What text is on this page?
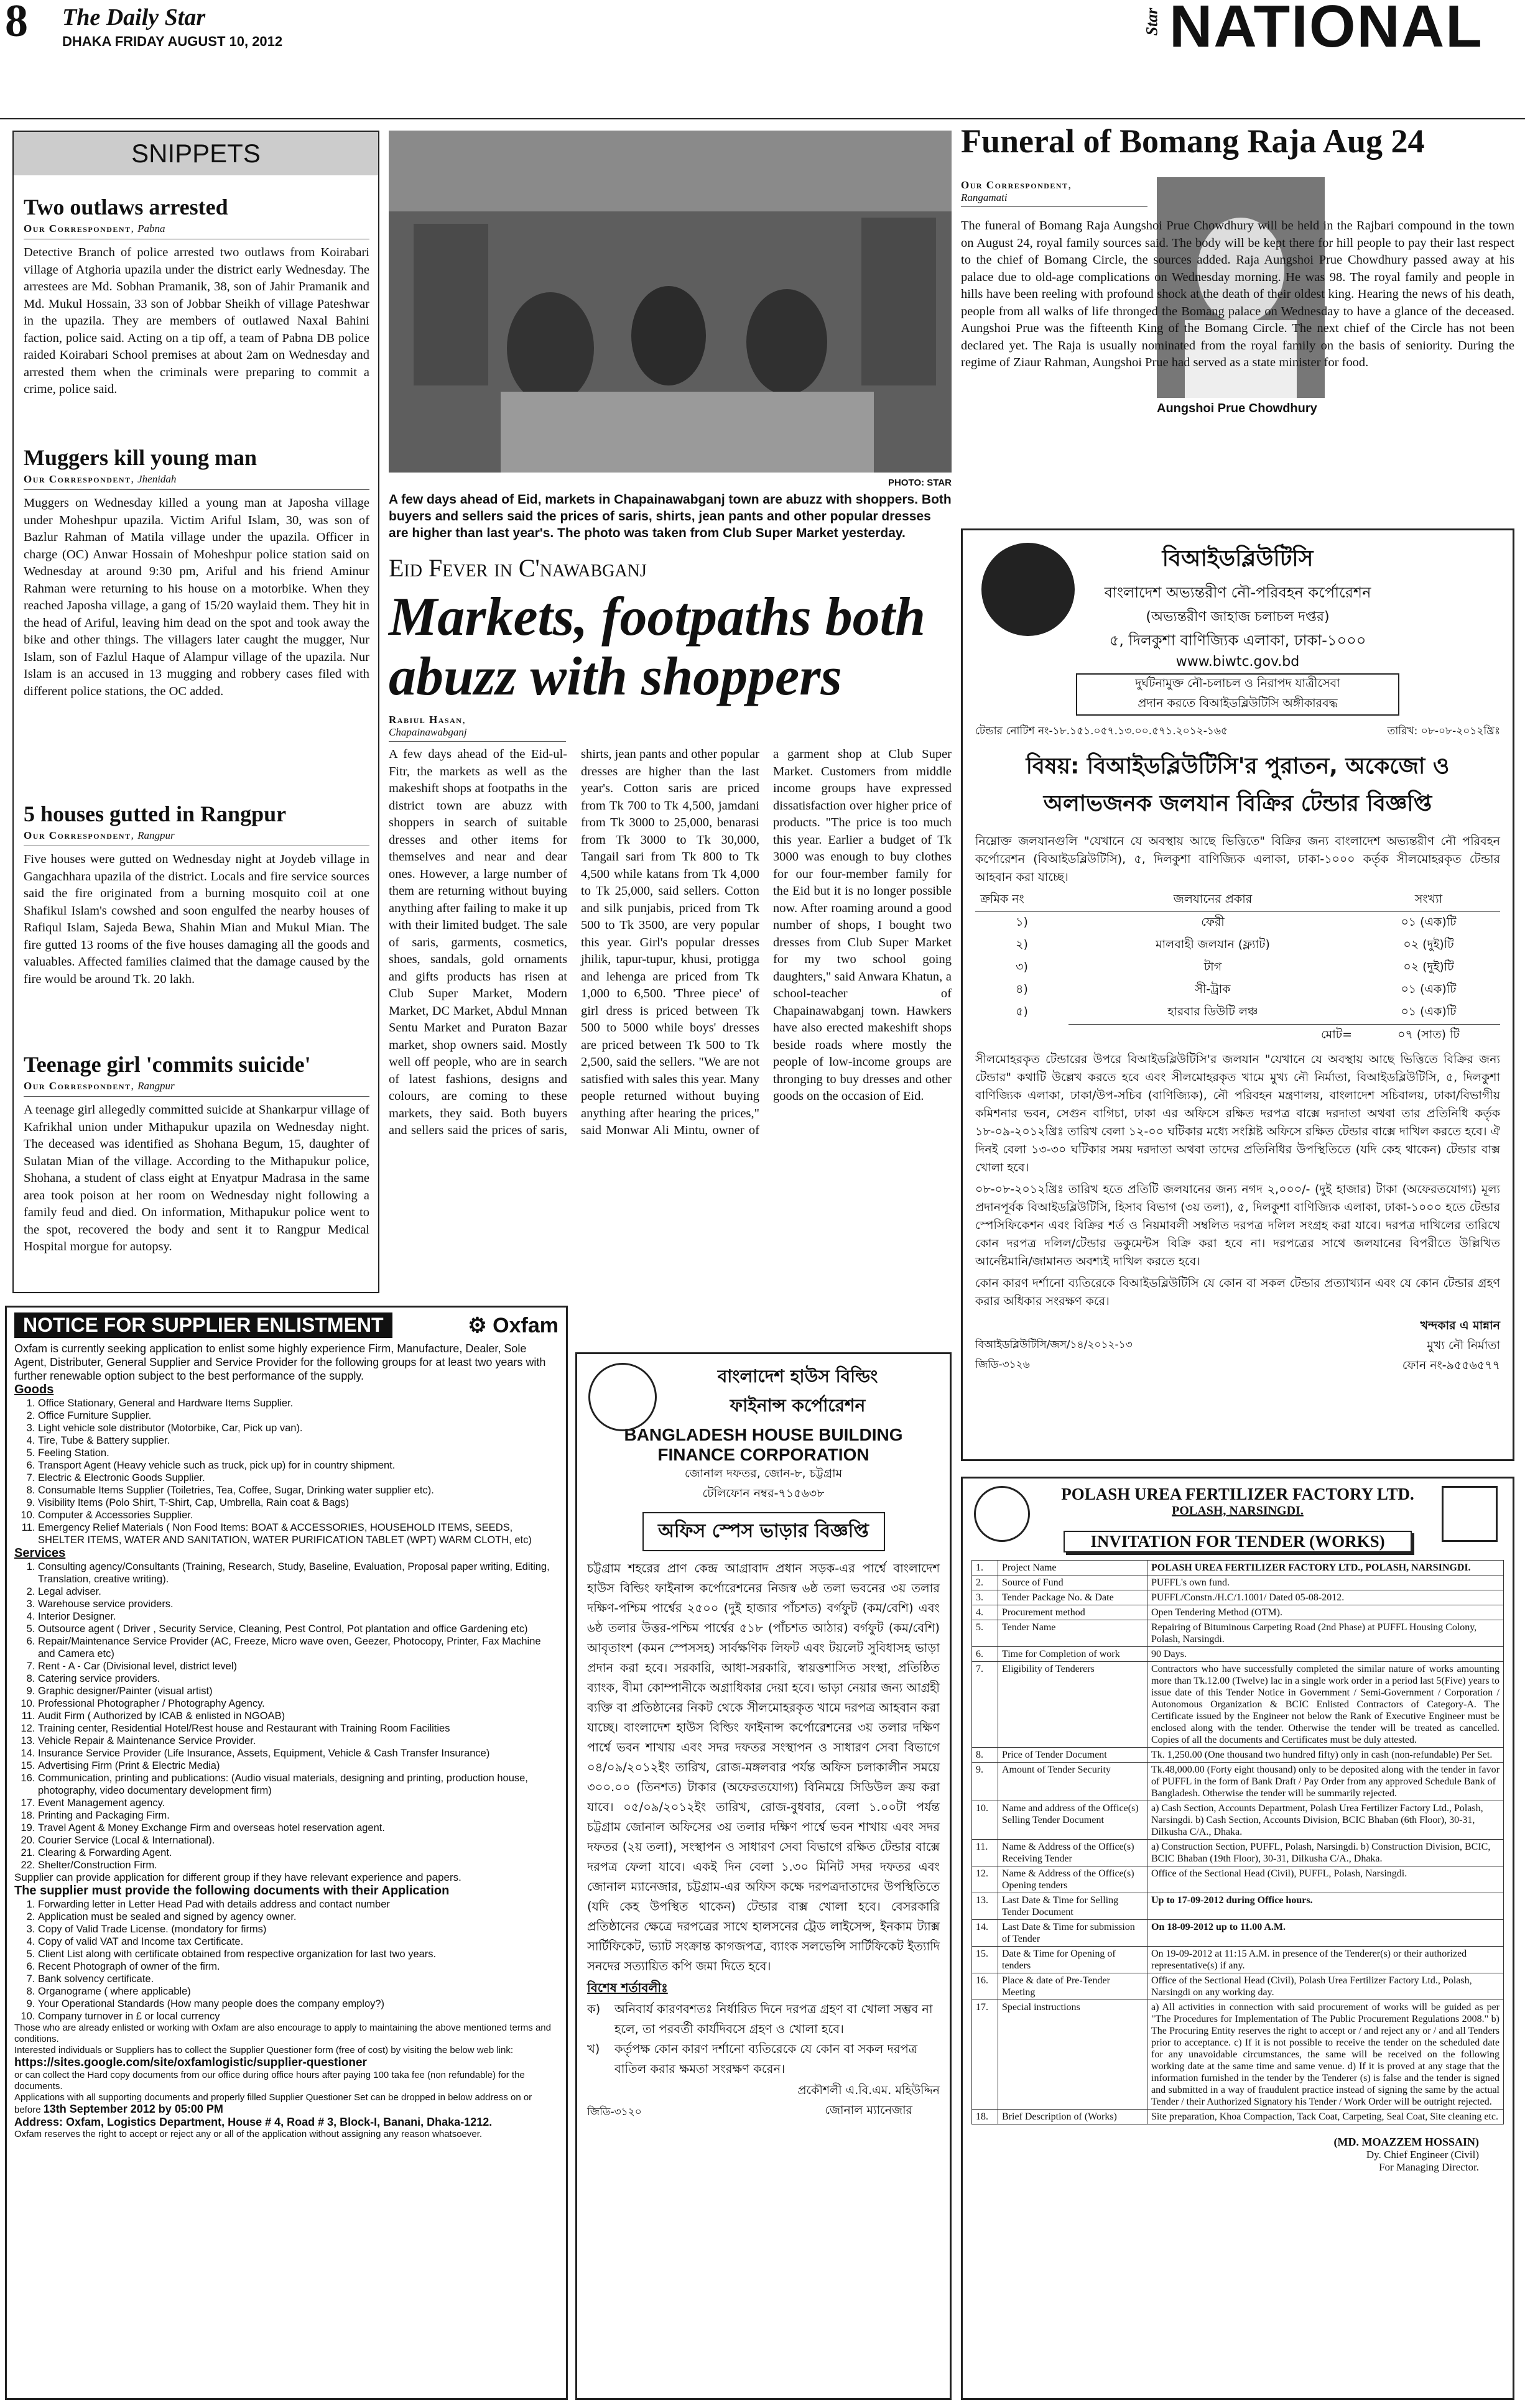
8 The Daily Star
DHAKA FRIDAY AUGUST 10, 2012
Star NATIONAL
SNIPPETS
Two outlaws arrested
Our Correspondent, Pabna
Detective Branch of police arrested two outlaws from Koirabari village of Atghoria upazila under the district early Wednesday. The arrestees are Md. Sobhan Pramanik, 38, son of Jahir Pramanik and Md. Mukul Hossain, 33 son of Jobbar Sheikh of village Pateshwar in the upazila. They are members of outlawed Naxal Bahini faction, police said. Acting on a tip off, a team of Pabna DB police raided Koirabari School premises at about 2am on Wednesday and arrested them when the criminals were preparing to commit a crime, police said.
Muggers kill young man
Our Correspondent, Jhenidah
Muggers on Wednesday killed a young man at Japosha village under Moheshpur upazila. Victim Ariful Islam, 30, was son of Bazlur Rahman of Matila village under the upazila. Officer in charge (OC) Anwar Hossain of Moheshpur police station said on Wednesday at around 9:30 pm, Ariful and his friend Aminur Rahman were returning to his house on a motorbike. When they reached Japosha village, a gang of 15/20 waylaid them. They hit in the head of Ariful, leaving him dead on the spot and took away the bike and other things. The villagers later caught the mugger, Nur Islam, son of Fazlul Haque of Alampur village of the upazila. Nur Islam is an accused in 13 mugging and robbery cases filed with different police stations, the OC added.
5 houses gutted in Rangpur
Our Correspondent, Rangpur
Five houses were gutted on Wednesday night at Joydeb village in Gangachhara upazila of the district. Locals and fire service sources said the fire originated from a burning mosquito coil at one Shafikul Islam's cowshed and soon engulfed the nearby houses of Rafiqul Islam, Sajeda Bewa, Shahin Mian and Mukul Mian. The fire gutted 13 rooms of the five houses damaging all the goods and valuables. Affected families claimed that the damage caused by the fire would be around Tk. 20 lakh.
Teenage girl 'commits suicide'
Our Correspondent, Rangpur
A teenage girl allegedly committed suicide at Shankarpur village of Kafrikhal union under Mithapukur upazila on Wednesday night. The deceased was identified as Shohana Begum, 15, daughter of Sulatan Mian of the village. According to the Mithapukur police, Shohana, a student of class eight at Enyatpur Madrasa in the same area took poison at her room on Wednesday night following a family feud and died. On information, Mithapukur police went to the spot, recovered the body and sent it to Rangpur Medical Hospital morgue for autopsy.
PHOTO: STAR
A few days ahead of Eid, markets in Chapainawabganj town are abuzz with shoppers. Both buyers and sellers said the prices of saris, shirts, jean pants and other popular dresses are higher than last year's. The photo was taken from Club Super Market yesterday.
Eid Fever in C'nawabganj
Markets, footpaths both abuzz with shoppers
Rabiul Hasan,
Chapainawabganj
A few days ahead of the Eid-ul-Fitr, the markets as well as the makeshift shops at footpaths in the district town are abuzz with shoppers in search of suitable dresses and other items for themselves and near and dear ones. However, a large number of them are returning without buying anything after failing to make it up with their limited budget. The sale of saris, garments, cosmetics, shoes, sandals, gold ornaments and gifts products has risen at Club Super Market, Modern Market, DC Market, Abdul Mnnan Sentu Market and Puraton Bazar market, shop owners said. Mostly well off people, who are in search of latest fashions, designs and colours, are coming to these markets, they said. Both buyers and sellers said the prices of saris, shirts, jean pants and other popular dresses are higher than the last year's. Cotton saris are priced from Tk 700 to Tk 4,500, jamdani from Tk 3000 to 25,000, benarasi from Tk 3000 to Tk 30,000, Tangail sari from Tk 800 to Tk 4,500 while katans from Tk 4,000 to Tk 25,000, said sellers. Cotton and silk punjabis, priced from Tk 500 to Tk 3500, are very popular this year. Girl's popular dresses jhilik, tapur-tupur, khusi, protigga and lehenga are priced from Tk 1,000 to 6,500. 'Three piece' of girl dress is priced between Tk 500 to 5000 while boys' dresses are priced between Tk 500 to Tk 2,500, said the sellers. "We are not satisfied with sales this year. Many people returned without buying anything after hearing the prices," said Monwar Ali Mintu, owner of a garment shop at Club Super Market. Customers from middle income groups have expressed dissatisfaction over higher price of products. "The price is too much this year. Earlier a budget of Tk 3000 was enough to buy clothes for our four-member family for the Eid but it is no longer possible now. After roaming around a good number of shops, I bought two dresses from Club Super Market for my two school going daughters," said Anwara Khatun, a school-teacher of Chapainawabganj town. Hawkers have also erected makeshift shops beside roads where mostly the people of low-income groups are thronging to buy dresses and other goods on the occasion of Eid.
Funeral of Bomang Raja Aug 24
Our Correspondent,
Rangamati
Aungshoi Prue Chowdhury
The funeral of Bomang Raja Aungshoi Prue Chowdhury will be held in the Rajbari compound in the town on August 24, royal family sources said. The body will be kept there for hill people to pay their last respect to the chief of Bomang Circle, the sources added. Raja Aungshoi Prue Chowdhury passed away at his palace due to old-age complications on Wednesday morning. He was 98. The royal family and people in hills have been reeling with profound shock at the death of their oldest king. Hearing the news of his death, people from all walks of life thronged the Bomang palace on Wednesday to have a glance of the deceased. Aungshoi Prue was the fifteenth King of the Bomang Circle. The next chief of the Circle has not been declared yet. The Raja is usually nominated from the royal family on the basis of seniority. During the regime of Ziaur Rahman, Aungshoi Prue had served as a state minister for food.
বিআইডব্লিউটিসি
বাংলাদেশ অভ্যন্তরীণ নৌ-পরিবহন কর্পোরেশন
(অভ্যন্তরীণ জাহাজ চলাচল দপ্তর)
৫, দিলকুশা বাণিজ্যিক এলাকা, ঢাকা-১০০০
www.biwtc.gov.bd
দুর্ঘটনামুক্ত নৌ-চলাচল ও নিরাপদ যাত্রীসেবা
প্রদান করতে বিআইডব্লিউটিসি অঙ্গীকারবদ্ধ
টেন্ডার নোটিশ নং-১৮.১৫১.০৫৭.১৩.০০.৫৭১.২০১২-১৬৫	তারিখ: ০৮-০৮-২০১২খ্রিঃ
বিষয়: বিআইডব্লিউটিসি'র পুরাতন, অকেজো ও
অলাভজনক জলযান বিক্রির টেন্ডার বিজ্ঞপ্তি
নিম্নোক্ত জলযানগুলি "যেখানে যে অবস্থায় আছে ভিত্তিতে" বিক্রির জন্য বাংলাদেশ অভ্যন্তরীণ নৌ পরিবহন কর্পোরেশন (বিআইডব্লিউটিসি), ৫, দিলকুশা বাণিজ্যিক এলাকা, ঢাকা-১০০০ কর্তৃক সীলমোহরকৃত টেন্ডার আহবান করা যাচ্ছে।
ক্রমিক নং	জলযানের প্রকার	সংখ্যা
১)	ফেরী	০১ (এক)টি
২)	মালবাহী জলযান (ফ্ল্যাট)	০২ (দুই)টি
৩)	টাগ	০২ (দুই)টি
৪)	সী-ট্রাক	০১ (এক)টি
৫)	হারবার ডিউটি লঞ্চ	০১ (এক)টি
	মোট=	০৭ (সাত) টি
সীলমোহরকৃত টেন্ডারের উপরে বিআইডব্লিউটিসি'র জলযান "যেখানে যে অবস্থায় আছে ভিত্তিতে বিক্রির জন্য টেন্ডার" কথাটি উল্লেখ করতে হবে এবং সীলমোহরকৃত খামে মুখ্য নৌ নির্মাতা, বিআইডব্লিউটিসি, ৫, দিলকুশা বাণিজ্যিক এলাকা, ঢাকা/উপ-সচিব (বাণিজ্যিক), নৌ পরিবহন মন্ত্রণালয়, বাংলাদেশ সচিবালয়, ঢাকা/বিভাগীয় কমিশনার ভবন, সেগুন বাগিচা, ঢাকা এর অফিসে রক্ষিত দরপত্র বাক্সে দরদাতা অথবা তার প্রতিনিধি কর্তৃক ১৮-০৯-২০১২খ্রিঃ তারিখ বেলা ১২-০০ ঘটিকার মধ্যে সংশ্লিষ্ট অফিসে রক্ষিত টেন্ডার বাক্সে দাখিল করতে হবে। ঐ দিনই বেলা ১৩-৩০ ঘটিকার সময় দরদাতা অথবা তাদের প্রতিনিধির উপস্থিতিতে (যদি কেহ থাকেন) টেন্ডার বাক্স খোলা হবে।
০৮-০৮-২০১২খ্রিঃ তারিখ হতে প্রতিটি জলযানের জন্য নগদ ২,০০০/- (দুই হাজার) টাকা (অফেরতযোগ্য) মূল্য প্রদানপূর্বক বিআইডব্লিউটিসি, হিসাব বিভাগ (৩য় তলা), ৫, দিলকুশা বাণিজ্যিক এলাকা, ঢাকা-১০০০ হতে টেন্ডার স্পেসিফিকেশন এবং বিক্রির শর্ত ও নিয়মাবলী সম্বলিত দরপত্র দলিল সংগ্রহ করা যাবে। দরপত্র দাখিলের তারিখে কোন দরপত্র দলিল/টেন্ডার ডকুমেন্টস বিক্রি করা হবে না। দরপত্রের সাথে জলযানের বিপরীতে উল্লিখিত আর্নেষ্টমানি/জামানত অবশ্যই দাখিল করতে হবে।
কোন কারণ দর্শানো ব্যতিরেকে বিআইডব্লিউটিসি যে কোন বা সকল টেন্ডার প্রত্যাখ্যান এবং যে কোন টেন্ডার গ্রহণ করার অধিকার সংরক্ষণ করে।
খন্দকার এ মান্নান
বিআইডব্লিউটিসি/জস/১৪/২০১২-১৩	মুখ্য নৌ নির্মাতা
জিডি-৩১২৬	ফোন নং-৯৫৫৬৫৭৭
NOTICE FOR SUPPLIER ENLISTMENT	⚙ Oxfam
Oxfam is currently seeking application to enlist some highly experience Firm, Manufacture, Dealer, Sole Agent, Distributer, General Supplier and Service Provider for the following groups for at least two years with further renewable option subject to the best performance of the supply.
Goods
1. Office Stationary, General and Hardware Items Supplier.
2. Office Furniture Supplier.
3. Light vehicle sole distributor (Motorbike, Car, Pick up van).
4. Tire, Tube & Battery supplier.
5. Feeling Station.
6. Transport Agent (Heavy vehicle such as truck, pick up) for in country shipment.
7. Electric & Electronic Goods Supplier.
8. Consumable Items Supplier (Toiletries, Tea, Coffee, Sugar, Drinking water supplier etc).
9. Visibility Items (Polo Shirt, T-Shirt, Cap, Umbrella, Rain coat & Bags)
10. Computer & Accessories Supplier.
11. Emergency Relief Materials ( Non Food Items: BOAT & ACCESSORIES, HOUSEHOLD ITEMS, SEEDS, SHELTER ITEMS, WATER AND SANITATION, WATER PURIFICATION TABLET (WPT) WARM CLOTH, etc)
Services
1. Consulting agency/Consultants (Training, Research, Study, Baseline, Evaluation, Proposal paper writing, Editing, Translation, creative writing).
2. Legal adviser.
3. Warehouse service providers.
4. Interior Designer.
5. Outsource agent ( Driver , Security Service, Cleaning, Pest Control, Pot plantation and office Gardening etc)
6. Repair/Maintenance Service Provider (AC, Freeze, Micro wave oven, Geezer, Photocopy, Printer, Fax Machine and Camera etc)
7. Rent - A - Car (Divisional level, district level)
8. Catering service providers.
9. Graphic designer/Painter (visual artist)
10. Professional Photographer / Photography Agency.
11. Audit Firm ( Authorized by ICAB & enlisted in NGOAB)
12. Training center, Residential Hotel/Rest house and Restaurant with Training Room Facilities
13. Vehicle Repair & Maintenance Service Provider.
14. Insurance Service Provider (Life Insurance, Assets, Equipment, Vehicle & Cash Transfer Insurance)
15. Advertising Firm (Print & Electric Media)
16. Communication, printing and publications: (Audio visual materials, designing and printing, production house, photography, video documentary development firm)
17. Event Management agency.
18. Printing and Packaging Firm.
19. Travel Agent & Money Exchange Firm and overseas hotel reservation agent.
20. Courier Service (Local & International).
21. Clearing & Forwarding Agent.
22. Shelter/Construction Firm.
Supplier can provide application for different group if they have relevant experience and papers.
The supplier must provide the following documents with their Application
1. Forwarding letter in Letter Head Pad with details address and contact number
2. Application must be sealed and signed by agency owner.
3. Copy of Valid Trade License. (mondatory for firms)
4. Copy of valid VAT and Income tax Certificate.
5. Client List along with certificate obtained from respective organization for last two years.
6. Recent Photograph of owner of the firm.
7. Bank solvency certificate.
8. Organograme ( where applicable)
9. Your Operational Standards (How many people does the company employ?)
10. Company turnover in £ or local currency
Those who are already enlisted or working with Oxfam are also encourage to apply to maintaining the above mentioned terms and conditions.
Interested individuals or Suppliers has to collect the Supplier Questioner form (free of cost) by visiting the below web link:
https://sites.google.com/site/oxfamlogistic/supplier-questioner
or can collect the Hard copy documents from our office during office hours after paying 100 taka fee (non refundable) for the documents.
Applications with all supporting documents and properly filled Supplier Questioner Set can be dropped in below address on or before 13th September 2012 by 05:00 PM
Address: Oxfam, Logistics Department, House # 4, Road # 3, Block-I, Banani, Dhaka-1212.
Oxfam reserves the right to accept or reject any or all of the application without assigning any reason whatsoever.
বাংলাদেশ হাউস বিল্ডিং
ফাইনান্স কর্পোরেশন
BANGLADESH HOUSE BUILDING
FINANCE CORPORATION
জোনাল দফতর, জোন-৮, চট্টগ্রাম
টেলিফোন নম্বর-৭১৫৬৩৮
অফিস স্পেস ভাড়ার বিজ্ঞপ্তি
চট্টগ্রাম শহরের প্রাণ কেন্দ্র আগ্রাবাদ প্রধান সড়ক-এর পার্শ্বে বাংলাদেশ হাউস বিল্ডিং ফাইনান্স কর্পোরেশনের নিজস্ব ৬ষ্ঠ তলা ভবনের ৩য় তলার দক্ষিণ-পশ্চিম পার্শ্বের ২৫০০ (দুই হাজার পাঁচশত) বর্গফুট (কম/বেশি) এবং ৬ষ্ঠ তলার উত্তর-পশ্চিম পার্শ্বের ৫১৮ (পাঁচশত আঠার) বর্গফুট (কম/বেশি) আবৃতাংশ (কমন স্পেসসহ) সার্বক্ষণিক লিফট এবং টয়লেট সুবিধাসহ ভাড়া প্রদান করা হবে। সরকারি, আধা-সরকারি, স্বায়ত্তশাসিত সংস্থা, প্রতিষ্ঠিত ব্যাংক, বীমা কোম্পানীকে অগ্রাধিকার দেয়া হবে। ভাড়া নেয়ার জন্য আগ্রহী ব্যক্তি বা প্রতিষ্ঠানের নিকট থেকে সীলমোহরকৃত খামে দরপত্র আহবান করা যাচ্ছে। বাংলাদেশ হাউস বিল্ডিং ফাইনান্স কর্পোরেশনের ৩য় তলার দক্ষিণ পার্শ্বে ভবন শাখায় এবং সদর দফতর সংস্থাপন ও সাধারণ সেবা বিভাগে ০৪/০৯/২০১২ইং তারিখ, রোজ-মঙ্গলবার পর্যন্ত অফিস চলাকালীন সময়ে ৩০০.০০ (তিনশত) টাকার (অফেরতযোগ্য) বিনিময়ে সিডিউল ক্রয় করা যাবে। ০৫/০৯/২০১২ইং তারিখ, রোজ-বুধবার, বেলা ১.০০টা পর্যন্ত চট্টগ্রাম জোনাল অফিসের ৩য় তলার দক্ষিণ পার্শ্বে ভবন শাখায় এবং সদর দফতর (২য় তলা), সংস্থাপন ও সাধারণ সেবা বিভাগে রক্ষিত টেন্ডার বাক্সে দরপত্র ফেলা যাবে। একই দিন বেলা ১.৩০ মিনিট সদর দফতর এবং জোনাল ম্যানেজার, চট্টগ্রাম-এর অফিস কক্ষে দরপত্রদাতাদের উপস্থিতিতে (যদি কেহ উপস্থিত থাকেন) টেন্ডার বাক্স খোলা হবে। বেসরকারি প্রতিষ্ঠানের ক্ষেত্রে দরপত্রের সাথে হালসনের ট্রেড লাইসেন্স, ইনকাম ট্যাক্স সার্টিফিকেট, ভ্যাট সংক্রান্ত কাগজপত্র, ব্যাংক সলভেন্সি সার্টিফিকেট ইত্যাদি সনদের সত্যায়িত কপি জমা দিতে হবে।
বিশেষ শর্তাবলীঃ
ক)	অনিবার্য কারণবশতঃ নির্ধারিত দিনে দরপত্র গ্রহণ বা খোলা সম্ভব না হলে, তা পরবর্তী কার্যদিবসে গ্রহণ ও খোলা হবে।
খ)	কর্তৃপক্ষ কোন কারণ দর্শানো ব্যতিরেকে যে কোন বা সকল দরপত্র বাতিল করার ক্ষমতা সংরক্ষণ করেন।
জিডি-৩১২০
প্রকৌশলী এ.বি.এম. মহিউদ্দিন
জোনাল ম্যানেজার
POLASH UREA FERTILIZER FACTORY LTD.
POLASH, NARSINGDI.
INVITATION FOR TENDER (WORKS)
1.	Project Name	POLASH UREA FERTILIZER FACTORY LTD., POLASH, NARSINGDI.
2.	Source of Fund	PUFFL's own fund.
3.	Tender Package No. & Date	PUFFL/Constn./H.C/1.1001/ Dated 05-08-2012.
4.	Procurement method	Open Tendering Method (OTM).
5.	Tender Name	Repairing of Bituminous Carpeting Road (2nd Phase) at PUFFL Housing Colony, Polash, Narsingdi.
6.	Time for Completion of work	90 Days.
7.	Eligibility of Tenderers	Contractors who have successfully completed the similar nature of works amounting more than Tk.12.00 (Twelve) lac in a single work order in a period last 5(Five) years to issue date of this Tender Notice in Government / Semi-Government / Corporation / Autonomous Organization & BCIC Enlisted Contractors of Category-A. The Certificate issued by the Engineer not below the Rank of Executive Engineer must be enclosed along with the tender. Otherwise the tender will be treated as cancelled. Copies of all the documents and Certificates must be duly attested.
8.	Price of Tender Document	Tk. 1,250.00 (One thousand two hundred fifty) only in cash (non-refundable) Per Set.
9.	Amount of Tender Security	Tk.48,000.00 (Forty eight thousand) only to be deposited along with the tender in favor of PUFFL in the form of Bank Draft / Pay Order from any approved Schedule Bank of Bangladesh. Otherwise the tender will be summarily rejected.
10.	Name and address of the Office(s) Selling Tender Document	a) Cash Section, Accounts Department, Polash Urea Fertilizer Factory Ltd., Polash, Narsingdi. b) Cash Section, Accounts Division, BCIC Bhaban (6th Floor), 30-31, Dilkusha C/A., Dhaka.
11.	Name & Address of the Office(s) Receiving Tender	a) Construction Section, PUFFL, Polash, Narsingdi. b) Construction Division, BCIC, BCIC Bhaban (19th Floor), 30-31, Dilkusha C/A., Dhaka.
12.	Name & Address of the Office(s) Opening tenders	Office of the Sectional Head (Civil), PUFFL, Polash, Narsingdi.
13.	Last Date & Time for Selling Tender Document	Up to 17-09-2012 during Office hours.
14.	Last Date & Time for submission of Tender	On 18-09-2012 up to 11.00 A.M.
15.	Date & Time for Opening of tenders	On 19-09-2012 at 11:15 A.M. in presence of the Tenderer(s) or their authorized representative(s) if any.
16.	Place & date of Pre-Tender Meeting	Office of the Sectional Head (Civil), Polash Urea Fertilizer Factory Ltd., Polash, Narsingdi on any working day.
17.	Special instructions	a) All activities in connection with said procurement of works will be guided as per "The Procedures for Implementation of The Public Procurement Regulations 2008." b) The Procuring Entity reserves the right to accept or / and reject any or / and all Tenders prior to acceptance. c) If it is not possible to receive the tender on the scheduled date for any unavoidable circumstances, the same will be received on the following working date at the same time and same venue. d) If it is proved at any stage that the information furnished in the tender by the Tenderer (s) is false and the tender is signed and submitted in a way of fraudulent practice instead of signing the same by the actual Tender / their Authorized Signatory his Tender / Work Order will be outright rejected.
18.	Brief Description of (Works)	Site preparation, Khoa Compaction, Tack Coat, Carpeting, Seal Coat, Site cleaning etc.
(MD. MOAZZEM HOSSAIN)
Dy. Chief Engineer (Civil)
For Managing Director.
